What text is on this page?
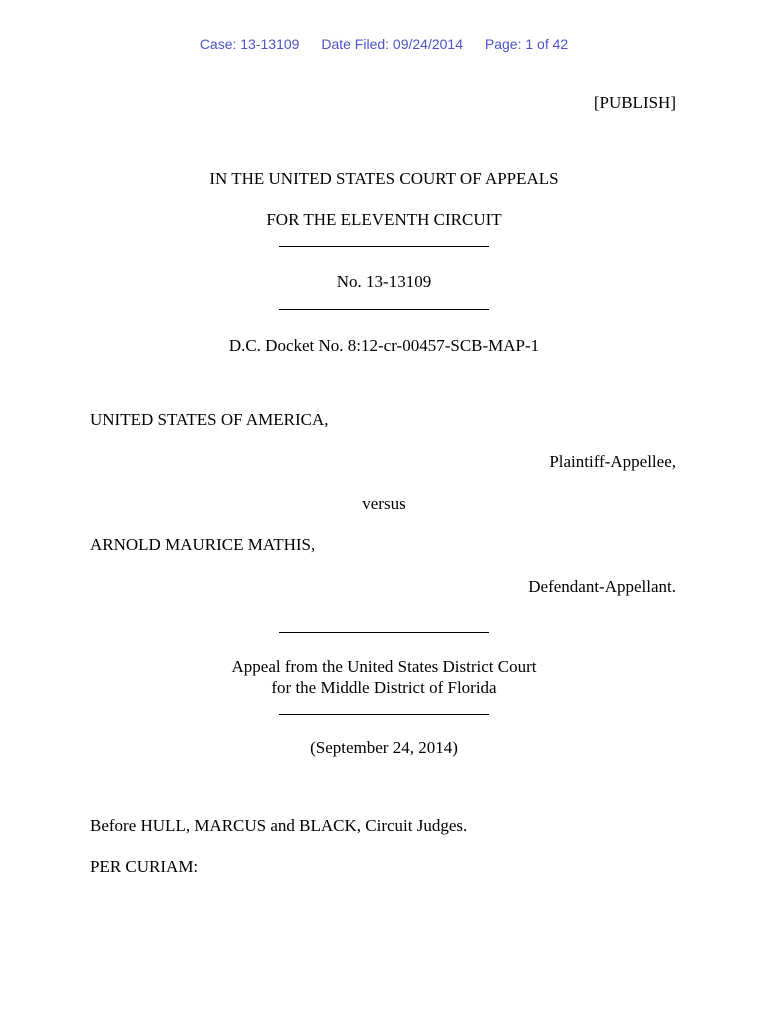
Case: 13-13109 Date Filed: 09/24/2014 Page: 1 of 42
[PUBLISH]
IN THE UNITED STATES COURT OF APPEALS
FOR THE ELEVENTH CIRCUIT
No. 13-13109
D.C. Docket No. 8:12-cr-00457-SCB-MAP-1
UNITED STATES OF AMERICA,
Plaintiff-Appellee,
versus
ARNOLD MAURICE MATHIS,
Defendant-Appellant.
Appeal from the United States District Court
for the Middle District of Florida
(September 24, 2014)
Before HULL, MARCUS and BLACK, Circuit Judges.
PER CURIAM:
